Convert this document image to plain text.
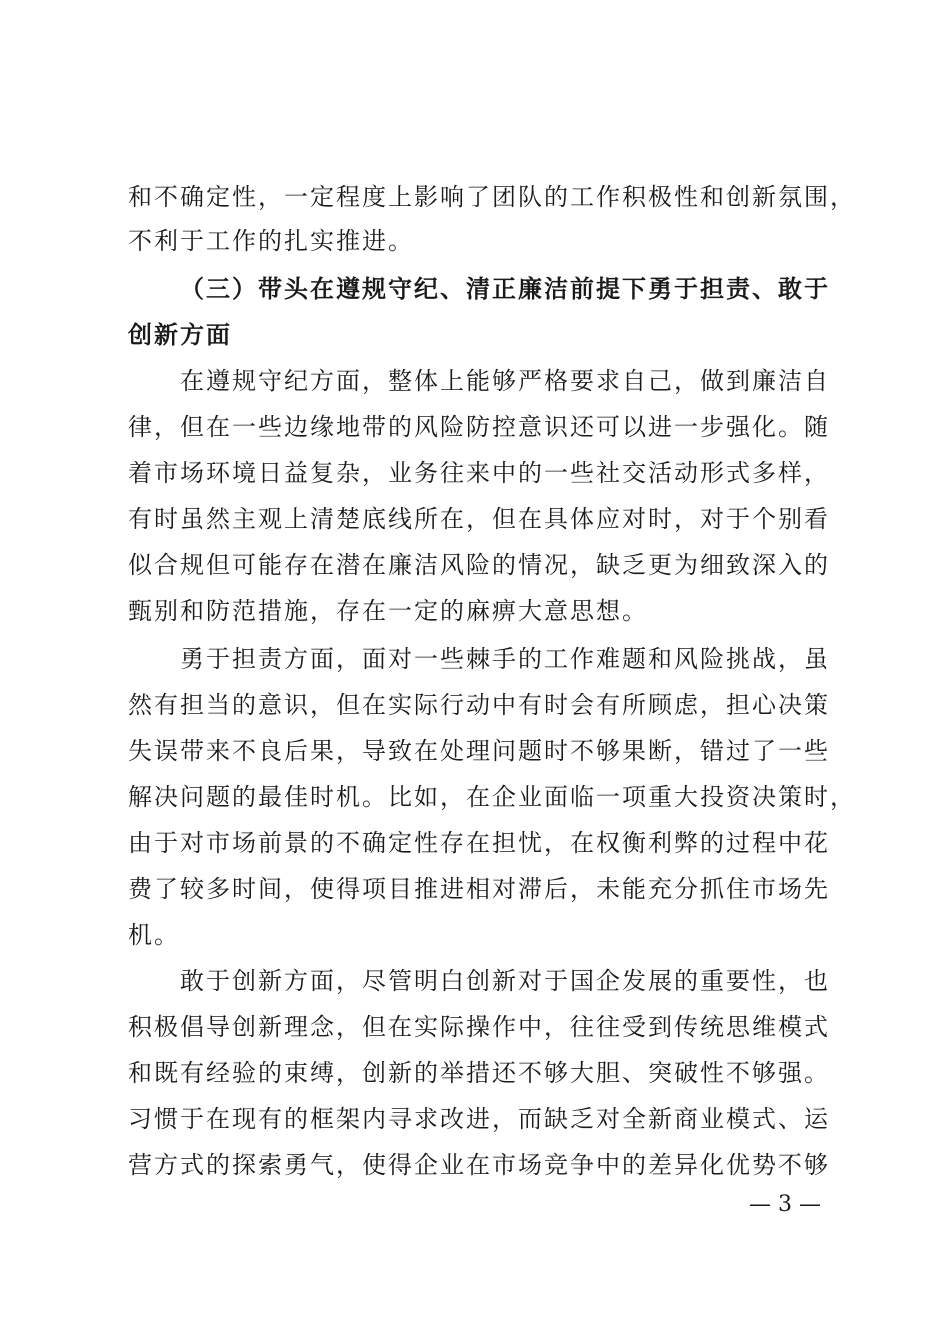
和不确定性，一定程度上影响了团队的工作积极性和创新氛围，
不利于工作的扎实推进。
（三）带头在遵规守纪、清正廉洁前提下勇于担责、敢于
创新方面
在遵规守纪方面，整体上能够严格要求自己，做到廉洁自
律，但在一些边缘地带的风险防控意识还可以进一步强化。随
着市场环境日益复杂，业务往来中的一些社交活动形式多样，
有时虽然主观上清楚底线所在，但在具体应对时，对于个别看
似合规但可能存在潜在廉洁风险的情况，缺乏更为细致深入的
甄别和防范措施，存在一定的麻痹大意思想。
勇于担责方面，面对一些棘手的工作难题和风险挑战，虽
然有担当的意识，但在实际行动中有时会有所顾虑，担心决策
失误带来不良后果，导致在处理问题时不够果断，错过了一些
解决问题的最佳时机。比如，在企业面临一项重大投资决策时，
由于对市场前景的不确定性存在担忧，在权衡利弊的过程中花
费了较多时间，使得项目推进相对滞后，未能充分抓住市场先
机。
敢于创新方面，尽管明白创新对于国企发展的重要性，也
积极倡导创新理念，但在实际操作中，往往受到传统思维模式
和既有经验的束缚，创新的举措还不够大胆、突破性不够强。
习惯于在现有的框架内寻求改进，而缺乏对全新商业模式、运
营方式的探索勇气，使得企业在市场竞争中的差异化优势不够
— 3 —
